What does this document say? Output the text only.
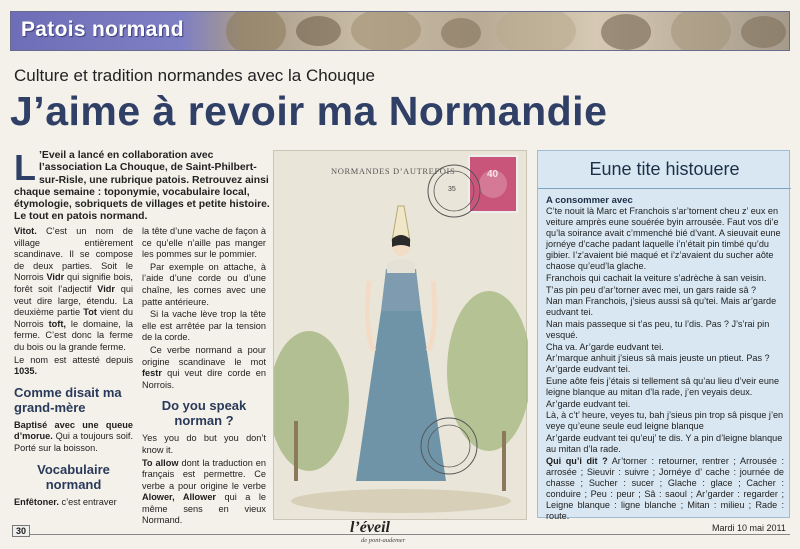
Patois normand
Culture et tradition normandes avec la Chouque
J’aime à revoir ma Normandie
L ’Eveil a lancé en collaboration avec l’association La Chouque, de Saint-Philbert-sur-Risle, une rubrique patois. Retrouvez ainsi chaque semaine : toponymie, vocabulaire local, étymologie, sobriquets de villages et petite histoire. Le tout en patois normand.

Vitot. C’est un nom de village entièrement scandinave. Il se compose de deux parties. Soit le Norrois Vidr qui signifie bois, forêt soit l’adjectif Vidr qui veut dire large, étendu. La deuxième partie Tot vient du Norrois toft, le domaine, la ferme. C’est donc la ferme du bois ou la grande ferme.

Le nom est attesté depuis 1035.

Comme disait ma grand-mère

Baptisé avec une queue d’morue. Qui a toujours soif. Porté sur la boisson.

Vocabulaire normand

Enfêtoner. c’est entraver

la tête d’une vache de façon à ce qu’elle n’aille pas manger les pommes sur le pommier.

Par exemple on attache, à l’aide d’une corde ou d’une chaîne, les cornes avec une patte antérieure.

Si la vache lève trop la tête elle est arrêtée par la tension de la corde.

Ce verbe normand a pour origine scandinave le mot festr qui veut dire corde en Norrois.

Do you speak norman ?

Yes you do but you don’t know it.

To allow dont la traduction en français est permettre. Ce verbe a pour origine le verbe Alower, Allower qui a le même sens en vieux Normand.

NORMANDES D’AUTREFOIS	40
35
Eune tite histouere
A consommer avec

C’te nouit là Marc et Franchois s’ar’tornent cheu z’ eux en veiture amprès eune souérée byin arrousée. Faut vos di’e qu’la soirance avait c’mmenché bié d’vant. A sieuvait eune jornéye d’cache padant laquelle i’n’était pin timbé qu’du gibier. I’z’avaient bié maqué et i’z’avaient du sucher aôte chaose qu’eud’la glache.

Franchois qui cachait la veiture s’adrèche à san veisin.

T’as pin peu d’ar’torner avec mei, un gars raide sâ ?

Nan man Franchois, j’sieus aussi sâ qu’tei. Mais ar’garde eudvant tei.

Nan mais passeque si t’as peu, tu l’dis. Pas ? J’s’rai pin vesqué.

Cha va. Ar’garde eudvant tei.

Ar’marque anhuit j’sieus sâ mais jeuste un ptieut. Pas ? Ar’garde eudvant tei.

Eune aôte feis j’étais si tellement sâ qu’au lieu d’veir eune leigne blanque au mitan d’la rade, j’en veyais deux.

Ar’garde eudvant tei.

Là, à c’t’ heure, veyes tu, bah j’sieus pin trop sâ pisque j’en veye qu’eune seule eud leigne blanque

Ar’garde eudvant tei qu’euj’ te dis. Y a pin d’leigne blanque au mitan d’la rade.

Qui qu’i dit ? Ar’torner : retourner, rentrer ; Arrousée : arrosée ; Sieuvir : suivre ; Jornéye d’ cache : journée de chasse ; Sucher : sucer ; Glache : glace ; Cacher : conduire ; Peu : peur ; Sâ : saoul ; Ar’garder : regarder ; Leigne blanque : ligne blanche ; Mitan : milieu ; Rade : route.

30	l’éveil
de pont-audemer
Mardi 10 mai 2011
